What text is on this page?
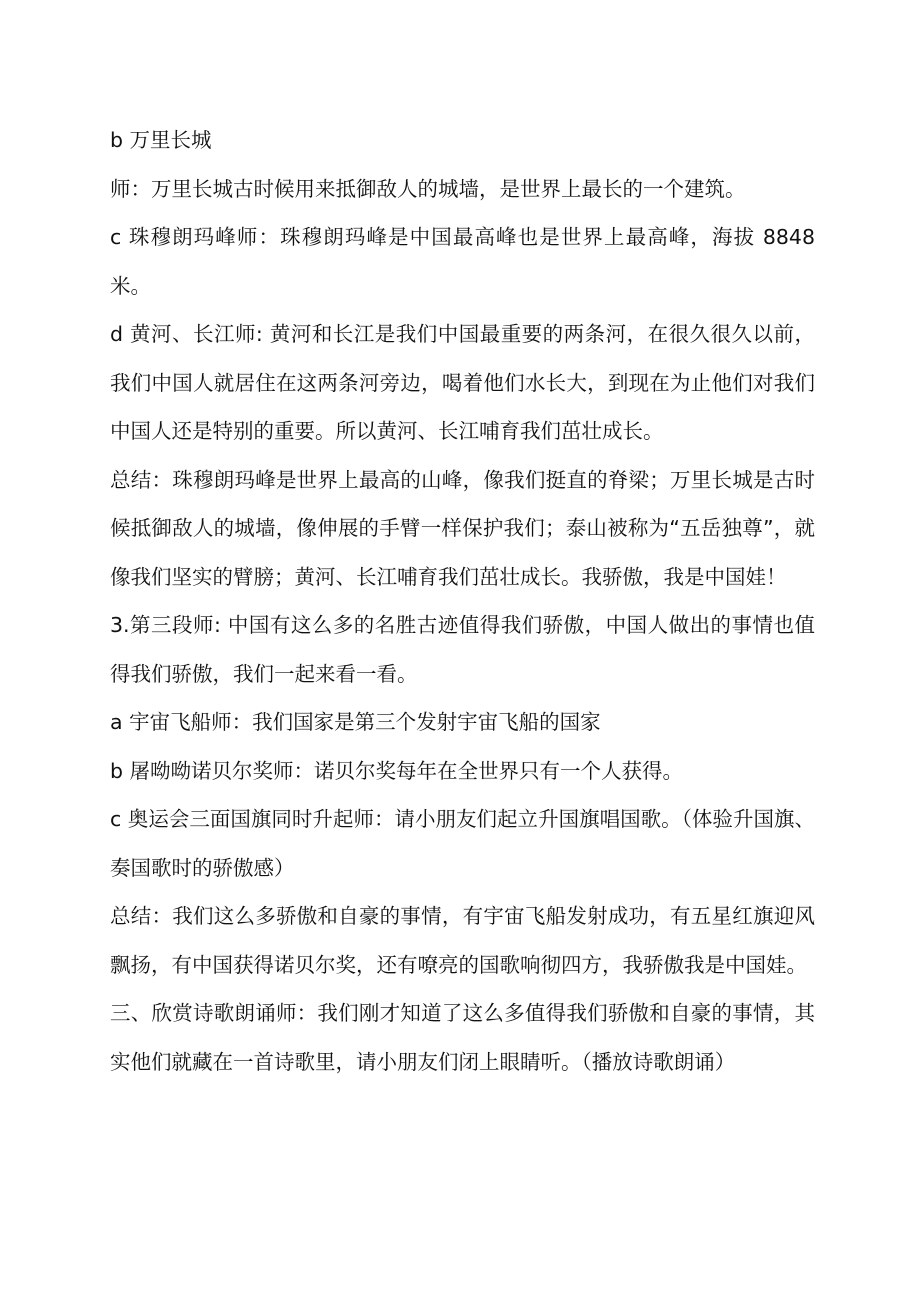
b 万里长城

师：万里长城古时候用来抵御敌人的城墙，是世界上最长的一个建筑。

c 珠穆朗玛峰师：珠穆朗玛峰是中国最高峰也是世界上最高峰，海拔 8848 米。

d 黄河、长江师: 黄河和长江是我们中国最重要的两条河，在很久很久以前，我们中国人就居住在这两条河旁边，喝着他们水长大，到现在为止他们对我们中国人还是特别的重要。所以黄河、长江哺育我们茁壮成长。

总结：珠穆朗玛峰是世界上最高的山峰，像我们挺直的脊梁；万里长城是古时候抵御敌人的城墙，像伸展的手臂一样保护我们；泰山被称为“五岳独尊”，就像我们坚实的臂膀；黄河、长江哺育我们茁壮成长。我骄傲，我是中国娃！

3.第三段师: 中国有这么多的名胜古迹值得我们骄傲，中国人做出的事情也值得我们骄傲，我们一起来看一看。

a 宇宙飞船师：我们国家是第三个发射宇宙飞船的国家

b 屠呦呦诺贝尔奖师：诺贝尔奖每年在全世界只有一个人获得。

c 奥运会三面国旗同时升起师：请小朋友们起立升国旗唱国歌。（体验升国旗、奏国歌时的骄傲感）

总结：我们这么多骄傲和自豪的事情，有宇宙飞船发射成功，有五星红旗迎风飘扬，有中国获得诺贝尔奖，还有嘹亮的国歌响彻四方，我骄傲我是中国娃。

三、欣赏诗歌朗诵师：我们刚才知道了这么多值得我们骄傲和自豪的事情，其实他们就藏在一首诗歌里，请小朋友们闭上眼睛听。（播放诗歌朗诵）
